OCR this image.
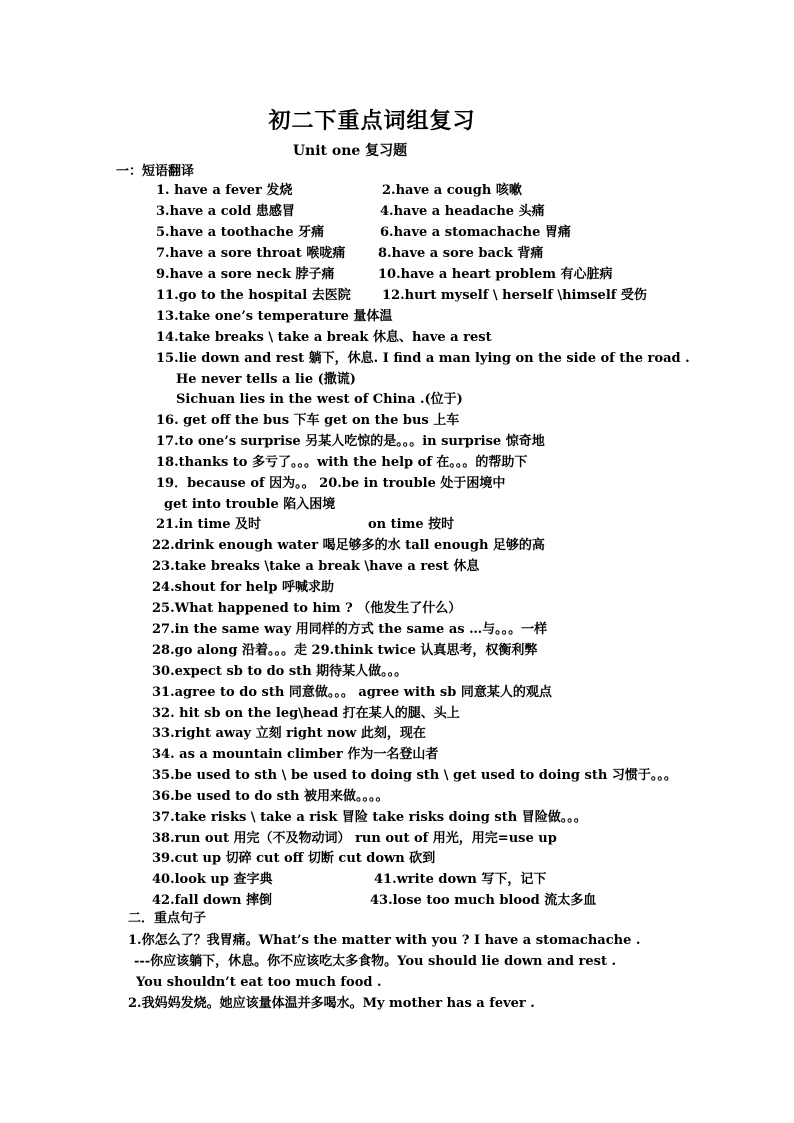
初二下重点词组复习
Unit one 复习题
一：短语翻译
1. have a fever 发烧	2.have a cough 咳嗽
3.have a cold 患感冒	4.have a headache 头痛
5.have a toothache 牙痛	6.have a stomachache 胃痛
7.have a sore throat 喉咙痛	8.have a sore back 背痛
9.have a sore neck 脖子痛	10.have a heart problem 有心脏病
11.go to the hospital 去医院 12.hurt myself \ herself \himself 受伤
13.take one’s temperature 量体温
14.take breaks \ take a break 休息、have a rest
15.lie down and rest 躺下，休息. I find a man lying on the side of the road .
He never tells a lie (撒谎)
Sichuan lies in the west of China .(位于)
16. get off the bus 下车 get on the bus 上车
17.to one’s surprise 另某人吃惊的是。。。in surprise 惊奇地
18.thanks to 多亏了。。。with the help of 在。。。的帮助下
19．because of 因为。。 20.be in trouble 处于困境中
get into trouble 陷入困境
21.in time 及时	on time 按时
22.drink enough water 喝足够多的水 tall enough 足够的高
23.take breaks \take a break \have a rest 休息
24.shout for help 呼喊求助
25.What happened to him ? （他发生了什么）
27.in the same way 用同样的方式 the same as …与。。。一样
28.go along 沿着。。。走 29.think twice 认真思考，权衡利弊
30.expect sb to do sth 期待某人做。。。
31.agree to do sth 同意做。。。 agree with sb 同意某人的观点
32. hit sb on the leg\head 打在某人的腿、头上
33.right away 立刻 right now 此刻，现在
34. as a mountain climber 作为一名登山者
35.be used to sth \ be used to doing sth \ get used to doing sth 习惯于。。。
36.be used to do sth 被用来做。。。。
37.take risks \ take a risk 冒险 take risks doing sth 冒险做。。。
38.run out 用完（不及物动词） run out of 用光，用完=use up
39.cut up 切碎 cut off 切断 cut down 砍到
40.look up 查字典	41.write down 写下，记下
42.fall down 摔倒	43.lose too much blood 流太多血
二．重点句子
1.你怎么了？我胃痛。What’s the matter with you ? I have a stomachache .
---你应该躺下，休息。你不应该吃太多食物。You should lie down and rest .
You shouldn’t eat too much food .
2.我妈妈发烧。她应该量体温并多喝水。My mother has a fever .
